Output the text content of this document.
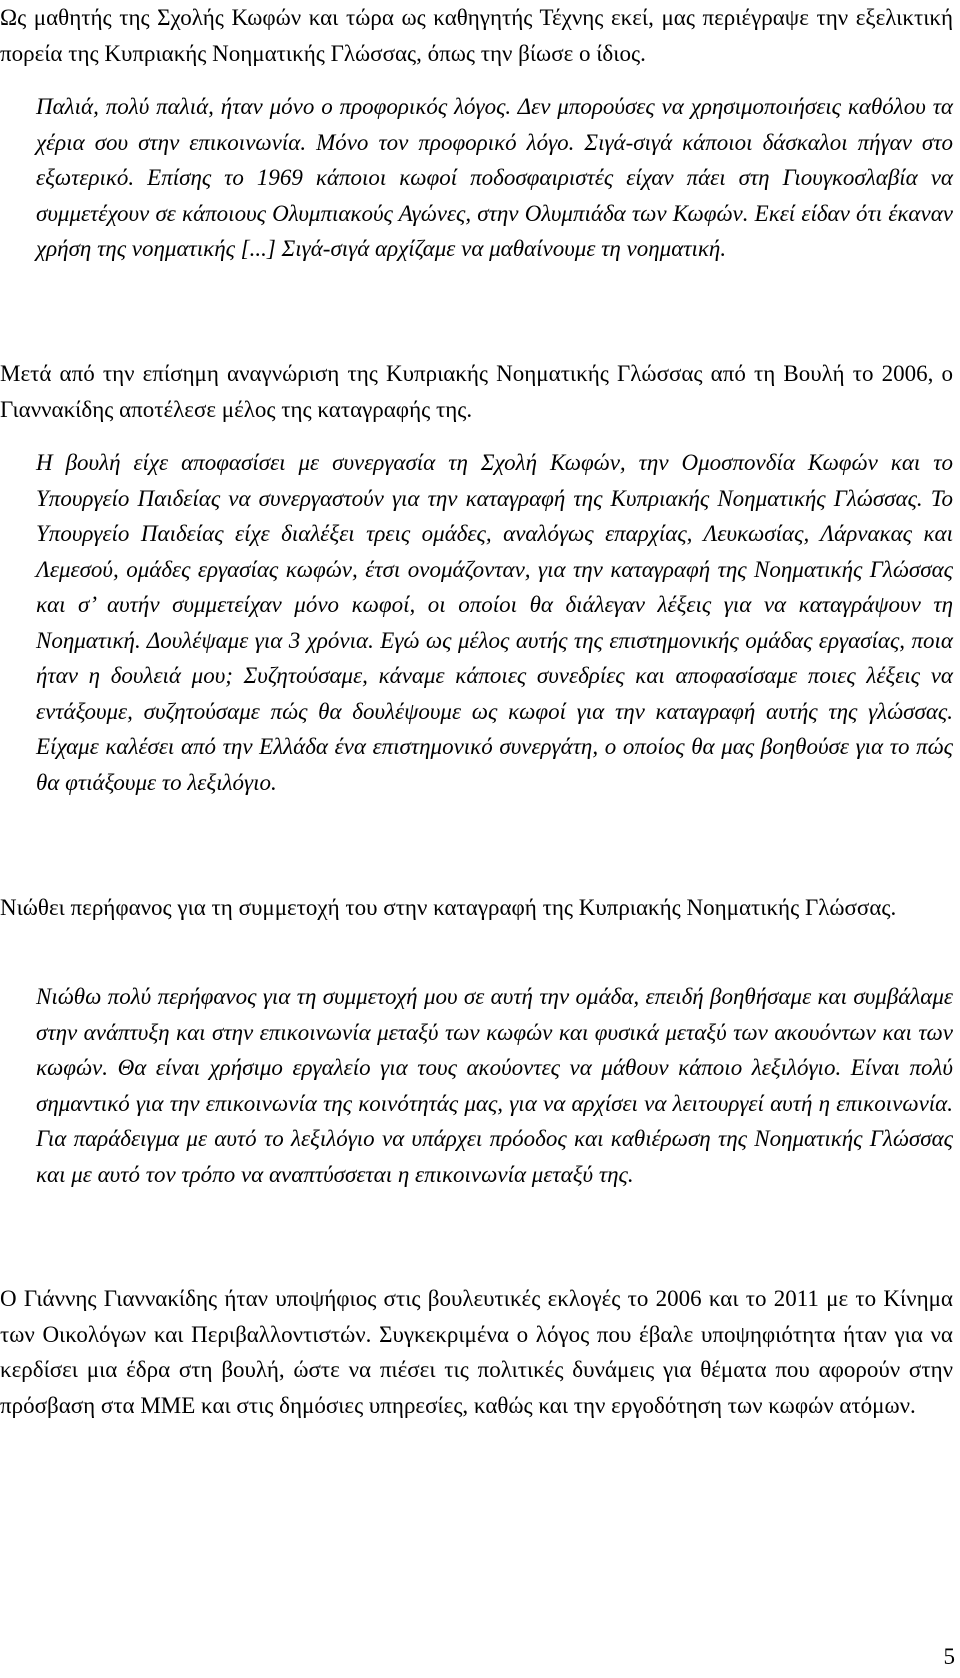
Ως μαθητής της Σχολής Κωφών και τώρα ως καθηγητής Τέχνης εκεί, μας περιέγραψε την εξελικτική πορεία της Κυπριακής Νοηματικής Γλώσσας, όπως την βίωσε ο ίδιος.

Παλιά, πολύ παλιά, ήταν μόνο ο προφορικός λόγος. Δεν μπορούσες να χρησιμοποιήσεις καθόλου τα χέρια σου στην επικοινωνία. Μόνο τον προφορικό λόγο. Σιγά-σιγά κάποιοι δάσκαλοι πήγαν στο εξωτερικό. Επίσης το 1969 κάποιοι κωφοί ποδοσφαιριστές είχαν πάει στη Γιουγκοσλαβία να συμμετέχουν σε κάποιους Ολυμπιακούς Αγώνες, στην Ολυμπιάδα των Κωφών. Εκεί είδαν ότι έκαναν χρήση της νοηματικής [...] Σιγά-σιγά αρχίζαμε να μαθαίνουμε τη νοηματική.

Μετά από την επίσημη αναγνώριση της Κυπριακής Νοηματικής Γλώσσας από τη Βουλή το 2006, ο Γιαννακίδης αποτέλεσε μέλος της καταγραφής της.

Η βουλή είχε αποφασίσει με συνεργασία τη Σχολή Κωφών, την Ομοσπονδία Κωφών και το Υπουργείο Παιδείας να συνεργαστούν για την καταγραφή της Κυπριακής Νοηματικής Γλώσσας. Το Υπουργείο Παιδείας είχε διαλέξει τρεις ομάδες, αναλόγως επαρχίας, Λευκωσίας, Λάρνακας και Λεμεσού, ομάδες εργασίας κωφών, έτσι ονομάζονταν, για την καταγραφή της Νοηματικής Γλώσσας και σ’ αυτήν συμμετείχαν μόνο κωφοί, οι οποίοι θα διάλεγαν λέξεις για να καταγράψουν τη Νοηματική. Δουλέψαμε για 3 χρόνια. Εγώ ως μέλος αυτής της επιστημονικής ομάδας εργασίας, ποια ήταν η δουλειά μου; Συζητούσαμε, κάναμε κάποιες συνεδρίες και αποφασίσαμε ποιες λέξεις να εντάξουμε, συζητούσαμε πώς θα δουλέψουμε ως κωφοί για την καταγραφή αυτής της γλώσσας. Είχαμε καλέσει από την Ελλάδα ένα επιστημονικό συνεργάτη, ο οποίος θα μας βοηθούσε για το πώς θα φτιάξουμε το λεξιλόγιο.

Νιώθει περήφανος για τη συμμετοχή του στην καταγραφή της Κυπριακής Νοηματικής Γλώσσας.

Νιώθω πολύ περήφανος για τη συμμετοχή μου σε αυτή την ομάδα, επειδή βοηθήσαμε και συμβάλαμε στην ανάπτυξη και στην επικοινωνία μεταξύ των κωφών και φυσικά μεταξύ των ακουόντων και των κωφών. Θα είναι χρήσιμο εργαλείο για τους ακούοντες να μάθουν κάποιο λεξιλόγιο. Είναι πολύ σημαντικό για την επικοινωνία της κοινότητάς μας, για να αρχίσει να λειτουργεί αυτή η επικοινωνία. Για παράδειγμα με αυτό το λεξιλόγιο να υπάρχει πρόοδος και καθιέρωση της Νοηματικής Γλώσσας και με αυτό τον τρόπο να αναπτύσσεται η επικοινωνία μεταξύ της.

Ο Γιάννης Γιαννακίδης ήταν υποψήφιος στις βουλευτικές εκλογές το 2006 και το 2011 με το Κίνημα των Οικολόγων και Περιβαλλοντιστών. Συγκεκριμένα ο λόγος που έβαλε υποψηφιότητα ήταν για να κερδίσει μια έδρα στη βουλή, ώστε να πιέσει τις πολιτικές δυνάμεις για θέματα που αφορούν στην πρόσβαση στα ΜΜΕ και στις δημόσιες υπηρεσίες, καθώς και την εργοδότηση των κωφών ατόμων.

5
